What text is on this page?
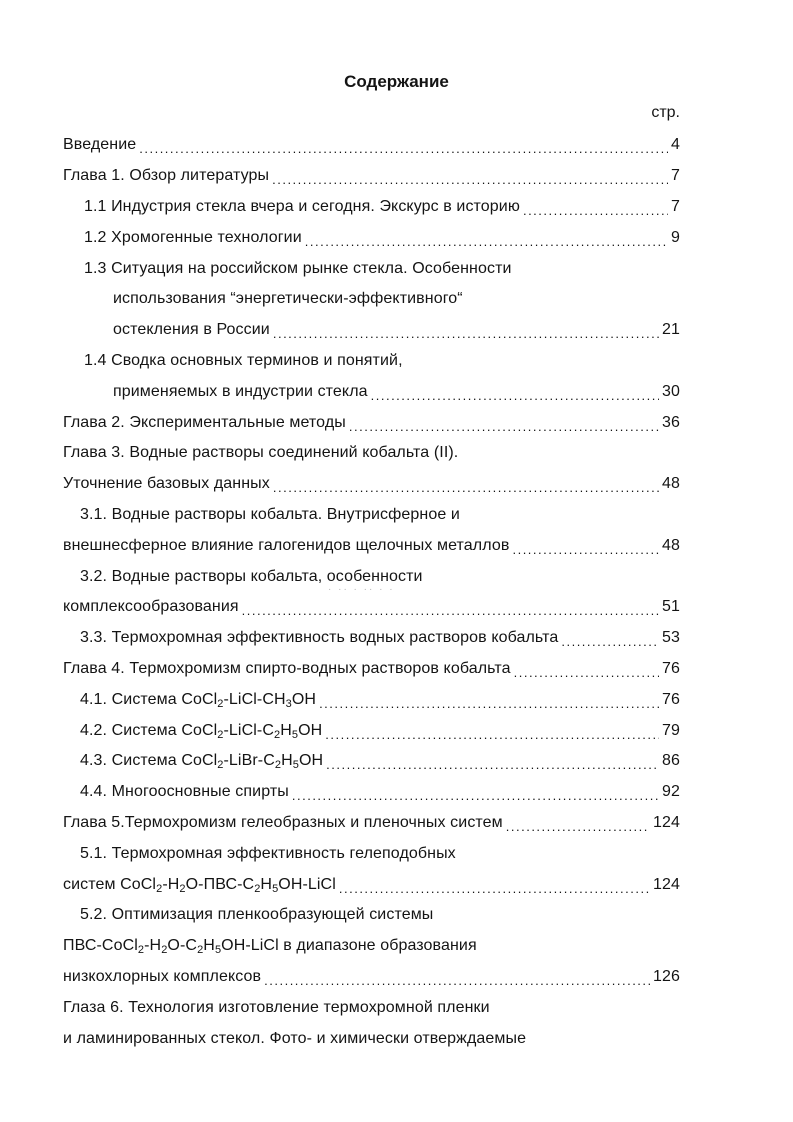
Содержание
стр.
Введение .....	4
Глава 1. Обзор литературы .....	7
1.1 Индустрия стекла вчера и сегодня. Экскурс в историю .....	7
1.2 Хромогенные технологии .....	9
1.3 Ситуация на российском рынке стекла. Особенности
использования “энергетически-эффективного“
остекления в России .....	21
1.4 Сводка основных терминов и понятий,
применяемых в индустрии стекла .....	30
Глава 2. Экспериментальные методы .....	36
Глава 3. Водные растворы соединений кобальта (II).
Уточнение базовых данных .....	48
3.1. Водные растворы кобальта. Внутрисферное и
внешнесферное влияние галогенидов щелочных металлов .....	48
3.2. Водные растворы кобальта, особенности
комплексообразования .....	51
3.3. Термохромная эффективность водных растворов кобальта .....	53
Глава 4. Термохромизм спирто-водных растворов кобальта .....	76
4.1. Система $CoCl_2-LiCl-CH_3OH$ .....	76
4.2. Система $CoCl_2-LiCl-C_2H_5OH$ .....	79
4.3. Система $CoCl_2-LiBr-C_2H_5OH$ .....	86
4.4. Многоосновные спирты .....	92
Глава 5.Термохромизм гелеобразных и пленочных систем .....	124
5.1. Термохромная эффективность гелеподобных
систем $CoCl_2-H_2O-ПВС-C_2H_5OH$-LiCl .....	124
5.2. Оптимизация пленкообразующей системы
ПВС-$CoCl_2-H_2O-C_2H_5OH$-LiCl в диапазоне образования
низкохлорных комплексов .....	126
Глаза 6. Технология изготовление термохромной пленки
и ламинированных стекол. Фото- и химически отверждаемые
· ·· · ·· · ·
